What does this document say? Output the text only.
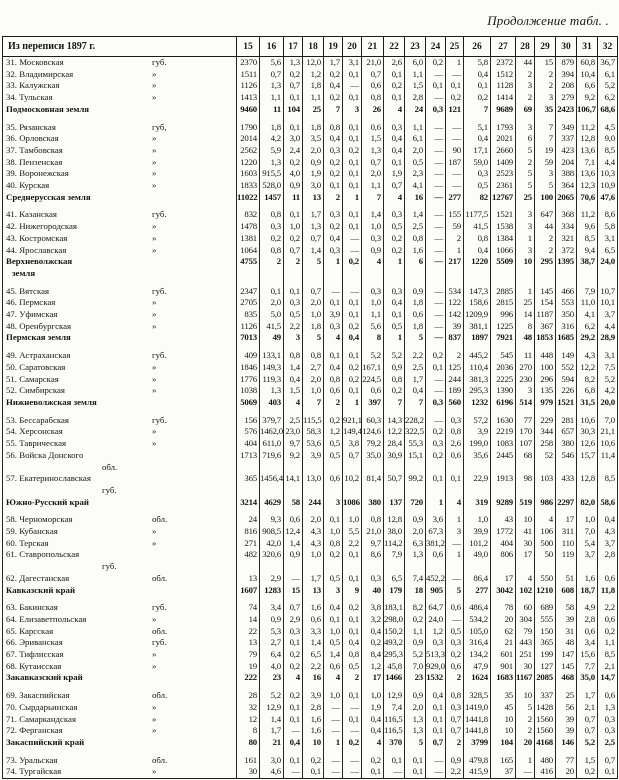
Продолжение табл. .
Из переписи 1897 г.	15	16	17	18	19	20	21	22	23	24	25	26	27	28	29	30	31	32
31. Московская губ.	2370	5,6	1,3	12,0	1,7	3,1	21,0	2,6	6,0	0,2	1	5,8	2372	44	15	879	60,8	36,7
32. Владимирская »	1511	0,7	0,2	1,2	0,2	0,1	0,7	0,1	1,1	—	—	0,4	1512	2	2	394	10,4	6,1
33. Калужская »	1126	1,3	0,7	1,8	0,4	—	0,6	0,2	1,5	0,1	0,1	0,1	1128	3	2	208	6,6	5,2
34. Тульская »	1413	1,1	0,1	1,1	0,2	0,1	0,8	0,1	2,8	—	0,2	0,2	1414	2	3	279	9,2	6,2
Подмосковная земля	9460	11	104	25	7	3	26	4	24	0,3	121	7	9689	69	35	2423	106,7	68,6

35. Рязанская губ,	1790	1,8	0,1	1,8	0,8	0,1	0,6	0,3	1,1	—	—	5,1	1793	3	7	349	11,2	4,5
36. Орловская »	2014	4,2	3,0	3,5	0,4	0,1	1,5	0,4	6,1	—	—	0,4	2021	6	7	337	12,8	9,0
37. Тамбовская »	2562	5,9	2,4	2,0	0,3	0,2	1,3	0,4	2,0	—	90	17,1	2660	5	19	423	13,6	8,5
38. Пензенская »	1220	1,3	0,2	0,9	0,2	0,1	0,7	0,1	0,5	—	187	59,0	1409	2	59	204	7,1	4,4
39. Воронежская »	1603	915,5	4,0	1,9	0,2	0,1	2,0	1,9	2,3	—	—	0,3	2523	5	3	388	13,6	10,3
40. Курская »	1833	528,0	0,9	3,0	0,1	0,1	1,1	0,7	4,1	—	—	0,5	2361	5	5	364	12,3	10,9
Среднерусская земля	11022	1457	11	13	2	1	7	4	16	—	277	82	12767	25	100	2065	70,6	47,6

41. Казанская губ.	832	0,8	0,1	1,7	0,3	0,1	1,4	0,3	1,4	—	155	1177,5	1521	3	647	368	11,2	8,6
42. Нижегородская »	1478	0,3	1,0	1,3	0,2	0,1	1,0	0,5	2,5	—	59	41,5	1538	3	44	334	9,6	5,8
43. Костромская »	1381	0,2	0,2	0,7	0,4	—	0,3	0,2	0,8	—	2	0,8	1384	1	2	321	8,5	3,1
44. Ярославская »	1064	0,8	0,7	1,4	0,3	—	0,9	0,2	1,6	—	1	0,4	1066	3	2	372	9,4	6,5
Верхневолжская
земля	4755	2	2	5	1	0,2	4	1	6	—	217	1220	5509	10	295	1395	38,7	24,0

45. Вятская губ.	2347	0,1	0,1	0,7	—	—	0,3	0,3	0,9	—	534	147,3	2885	1	145	466	7,9	10,7
46. Пермская »	2705	2,0	0,3	2,0	0,1	0,1	1,0	0,4	1,8	—	122	158,6	2815	25	154	553	11,0	10,1
47. Уфимская »	835	5,0	0,5	1,0	3,9	0,1	1,1	0,1	0,6	—	142	1209,9	996	14	1187	350	4,1	3,7
48. Оренбургская »	1126	41,5	2,2	1,8	0,3	0,2	5,6	0,5	1,8	—	39	381,1	1225	8	367	316	6,2	4,4
Пермская земля	7013	49	3	5	4	0,4	8	1	5	—	837	1897	7921	48	1853	1685	29,2	28,9

49. Астраханская губ.	409	133,1	0,8	0,8	0,1	0,1	5,2	5,2	2,2	0,2	2	445,2	545	11	448	149	4,3	3,1
50. Саратовская »	1846	149,3	1,4	2,7	0,4	0,2	167,1	0,9	2,5	0,1	125	110,4	2036	270	100	552	12,2	7,5
51. Самарская »	1776	119,3	0,4	2,0	0,8	0,2	224,5	0,8	1,7	—	244	381,3	2225	230	296	594	8,2	5,2
52. Симбирская »	1038	1,3	1,5	1,0	0,6	0,1	0,6	0,2	0,4	—	189	295,3	1390	3	135	226	6,8	4,2
Нижневолжская земля	5069	403	4	7	2	1	397	7	7	0,3	560	1232	6196	514	979	1521	31,5	20,0

53. Бессарабская губ.	156	379,7	2,5	115,5	0,2	921,1	60,3	14,3	228,2	—	0,3	57,2	1630	77	229	281	10,6	7,0
54. Херсонская »	576	1462,0	23,0	58,3	1,2	149,4	124,6	12,2	322,5	0,2	0,8	3,9	2219	170	344	657	30,3	21,1
55. Таврическая »	404	611,0	9,7	53,6	0,5	3,8	79,2	28,4	55,3	0,3	2,6	199,0	1083	107	258	380	12,6	10,6
56. Войска Донского
обл.	1713	719,6	9,2	3,9	0,5	0,7	35,0	30,9	15,1	0,2	0,6	35,6	2445	68	52	546	15,7	11,4
57. Екатеринославская
губ.	365	1456,4	14,1	13,0	0,6	10,2	81,4	50,7	99,2	0,1	0,1	22,9	1913	98	103	433	12,8	8,5
Южно-Русский край	3214	4629	58	244	3	1086	380	137	720	1	4	319	9289	519	986	2297	82,0	58,6

58. Черноморская обл.	24	9,3	0,6	2,0	0,1	1,0	0,8	12,8	0,9	3,6	1	1,0	43	10	4	17	1,0	0,4
59. Кубанская »	816	908,5	12,4	4,3	1,0	5,5	21,0	38,0	2,0	67,3	3	39,9	1772	41	106	311	7,0	4,3
60. Терская »	271	42,0	1,4	4,3	0,8	2,2	9,7	114,2	6,3	381,2	—	101,2	404	30	500	110	5,4	3,7
61. Ставропольская
губ.	482	320,6	0,9	1,0	0,2	0,1	8,6	7,9	1,3	0,6	1	49,0	806	17	50	119	3,7	2,8
62. Дагестанская обл.	13	2,9	—	1,7	0,5	0,1	0,3	6,5	7,4	452,2	—	86,4	17	4	550	51	1,6	0,6
Кавказский край	1607	1283	15	13	3	9	40	179	18	905	5	277	3042	102	1210	608	18,7	11,8

63. Бакинская губ.	74	3,4	0,7	1,6	0,4	0,2	3,8	183,1	8,2	64,7	0,6	486,4	78	60	689	58	4,9	2,2
64. Елизаветпольская »	14	0,9	2,9	0,6	0,1	0,1	3,2	298,0	0,2	24,0	—	534,2	20	304	555	39	2,8	0,6
65. Карсская обл.	22	5,3	0,3	3,3	1,0	0,1	0,4	150,2	1,1	1,2	0,5	105,0	62	79	150	31	0,6	0,2
66. Эриванская губ.	13	2,7	0,1	1,4	0,5	0,4	0,2	493,2	0,9	0,3	0,3	316,4	21	443	365	48	3,4	1,1
67. Тифлисская »	79	6,4	0,2	6,5	1,4	0,8	8,4	295,3	5,2	513,3	0,2	134,2	601	251	199	147	15,6	8,5
68. Кутаисская »	19	4,0	0,2	2,2	0,6	0,5	1,2	45,8	7,0	929,0	0,6	47,9	901	30	127	145	7,7	2,1
Закавказский край	222	23	4	16	4	2	17	1466	23	1532	2	1624	1683	1167	2085	468	35,0	14,7

69. Закаспийская обл.	28	5,2	0,2	3,9	1,0	0,1	1,0	12,9	0,9	0,4	0,8	328,5	35	10	337	25	1,7	0,6
70. Сырдарьинская »	32	12,9	0,1	2,8	—	—	1,9	7,4	2,0	0,1	0,3	1419,0	45	5	1428	56	2,1	1,3
71. Самаркандская »	12	1,4	0,1	1,6	—	0,1	0,4	116,5	1,3	0,1	0,7	1441,8	10	2	1560	39	0,7	0,3
72. Ферганская »	8	1,7	—	1,6	—	—	0,4	116,5	1,3	0,1	0,7	1441,8	10	2	1560	39	0,7	0,3
Закаспийский край	80	21	0,4	10	1	0,2	4	370	5	0,7	2	3799	104	20	4168	146	5,2	2,5

73. Уральская обл.	161	3,0	0,1	0,2	—	—	0,2	0,1	0,1	—	0,9	479,8	165	1	480	77	1,5	0,7
74. Тургайская »	30	4,6	—	0,1	—	—	0,1	—	0,1	—	2,2	415,9	37	—	416	20	0,2	0,1
